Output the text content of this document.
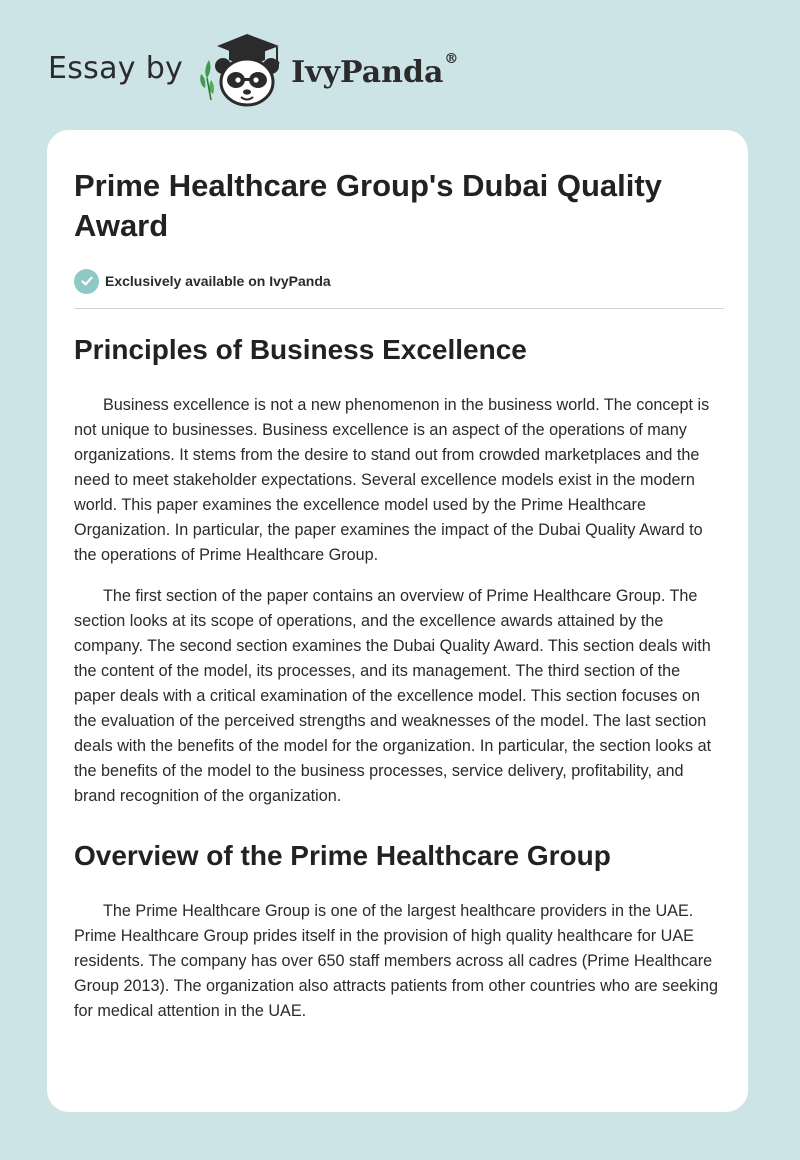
Essay by	IvyPanda®
Prime Healthcare Group's Dubai Quality Award
Exclusively available on IvyPanda
Principles of Business Excellence

Business excellence is not a new phenomenon in the business world. The concept is not unique to businesses. Business excellence is an aspect of the operations of many organizations. It stems from the desire to stand out from crowded marketplaces and the need to meet stakeholder expectations. Several excellence models exist in the modern world. This paper examines the excellence model used by the Prime Healthcare Organization. In particular, the paper examines the impact of the Dubai Quality Award to the operations of Prime Healthcare Group.

The first section of the paper contains an overview of Prime Healthcare Group. The section looks at its scope of operations, and the excellence awards attained by the company. The second section examines the Dubai Quality Award. This section deals with the content of the model, its processes, and its management. The third section of the paper deals with a critical examination of the excellence model. This section focuses on the evaluation of the perceived strengths and weaknesses of the model. The last section deals with the benefits of the model for the organization. In particular, the section looks at the benefits of the model to the business processes, service delivery, profitability, and brand recognition of the organization.

Overview of the Prime Healthcare Group

The Prime Healthcare Group is one of the largest healthcare providers in the UAE. Prime Healthcare Group prides itself in the provision of high quality healthcare for UAE residents. The company has over 650 staff members across all cadres (Prime Healthcare Group 2013). The organization also attracts patients from other countries who are seeking for medical attention in the UAE.
